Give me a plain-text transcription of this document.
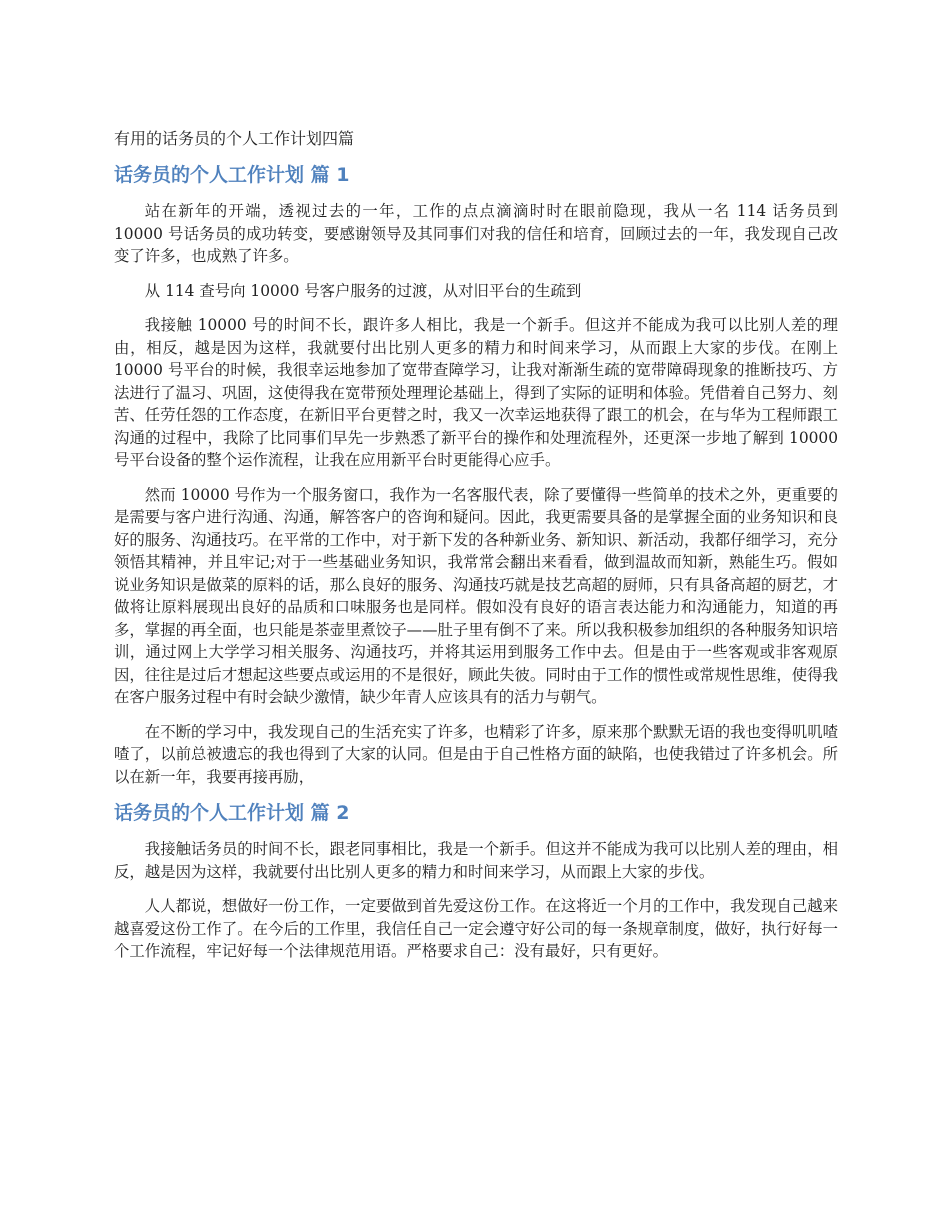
有用的话务员的个人工作计划四篇
话务员的个人工作计划 篇 1

站在新年的开端，透视过去的一年，工作的点点滴滴时时在眼前隐现，我从一名 114 话务员到 10000 号话务员的成功转变，要感谢领导及其同事们对我的信任和培育，回顾过去的一年，我发现自己改变了许多，也成熟了许多。

从 114 查号向 10000 号客户服务的过渡，从对旧平台的生疏到

我接触 10000 号的时间不长，跟许多人相比，我是一个新手。但这并不能成为我可以比别人差的理由，相反，越是因为这样，我就要付出比别人更多的精力和时间来学习，从而跟上大家的步伐。在刚上 10000 号平台的时候，我很幸运地参加了宽带查障学习，让我对渐渐生疏的宽带障碍现象的推断技巧、方法进行了温习、巩固，这使得我在宽带预处理理论基础上，得到了实际的证明和体验。凭借着自己努力、刻苦、任劳任怨的工作态度，在新旧平台更替之时，我又一次幸运地获得了跟工的机会，在与华为工程师跟工沟通的过程中，我除了比同事们早先一步熟悉了新平台的操作和处理流程外，还更深一步地了解到 10000 号平台设备的整个运作流程，让我在应用新平台时更能得心应手。

然而 10000 号作为一个服务窗口，我作为一名客服代表，除了要懂得一些简单的技术之外，更重要的是需要与客户进行沟通、沟通，解答客户的咨询和疑问。因此，我更需要具备的是掌握全面的业务知识和良好的服务、沟通技巧。在平常的工作中，对于新下发的各种新业务、新知识、新活动，我都仔细学习，充分领悟其精神，并且牢记;对于一些基础业务知识，我常常会翻出来看看，做到温故而知新，熟能生巧。假如说业务知识是做菜的原料的话，那么良好的服务、沟通技巧就是技艺高超的厨师，只有具备高超的厨艺，才做将让原料展现出良好的品质和口味服务也是同样。假如没有良好的语言表达能力和沟通能力，知道的再多，掌握的再全面，也只能是茶壶里煮饺子——肚子里有倒不了来。所以我积极参加组织的各种服务知识培训，通过网上大学学习相关服务、沟通技巧，并将其运用到服务工作中去。但是由于一些客观或非客观原因，往往是过后才想起这些要点或运用的不是很好，顾此失彼。同时由于工作的惯性或常规性思维，使得我在客户服务过程中有时会缺少激情，缺少年青人应该具有的活力与朝气。

在不断的学习中，我发现自己的生活充实了许多，也精彩了许多，原来那个默默无语的我也变得叽叽喳喳了，以前总被遗忘的我也得到了大家的认同。但是由于自己性格方面的缺陷，也使我错过了许多机会。所以在新一年，我要再接再励，

话务员的个人工作计划 篇 2

我接触话务员的时间不长，跟老同事相比，我是一个新手。但这并不能成为我可以比别人差的理由，相反，越是因为这样，我就要付出比别人更多的精力和时间来学习，从而跟上大家的步伐。

人人都说，想做好一份工作，一定要做到首先爱这份工作。在这将近一个月的工作中，我发现自己越来越喜爱这份工作了。在今后的工作里，我信任自己一定会遵守好公司的每一条规章制度，做好，执行好每一个工作流程，牢记好每一个法律规范用语。严格要求自己：没有最好，只有更好。
